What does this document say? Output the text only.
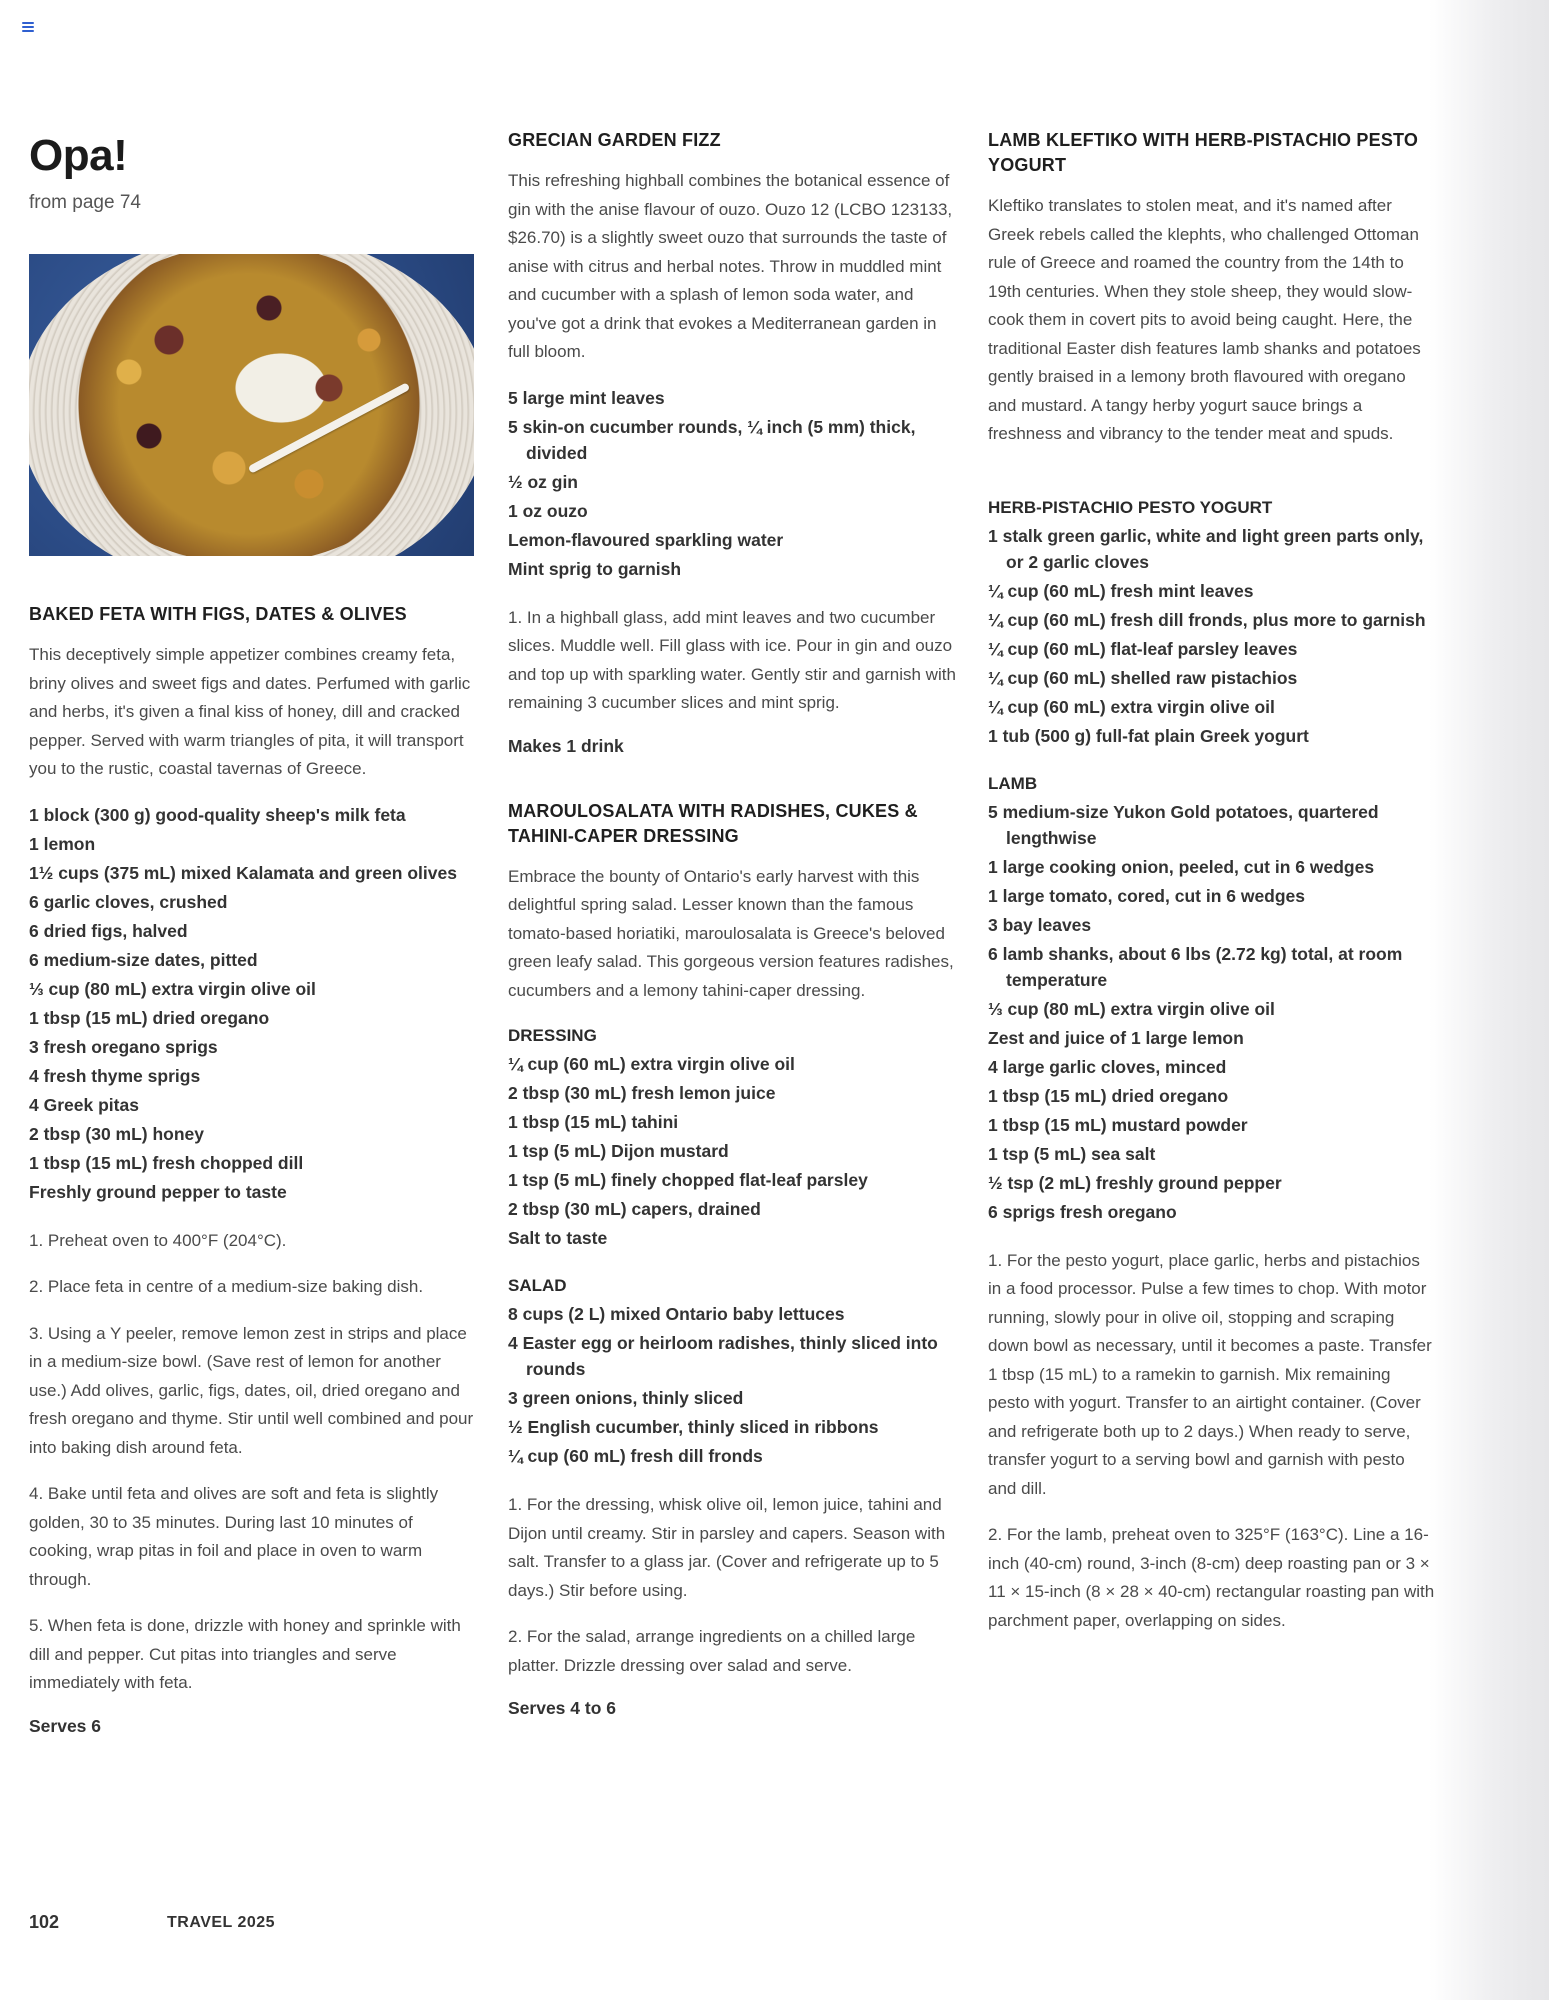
Opa!
from page 74
BAKED FETA WITH FIGS, DATES & OLIVES

This deceptively simple appetizer combines creamy feta, briny olives and sweet figs and dates. Perfumed with garlic and herbs, it's given a final kiss of honey, dill and cracked pepper. Served with warm triangles of pita, it will transport you to the rustic, coastal tavernas of Greece.

1 block (300 g) good-quality sheep's milk feta
1 lemon
1½ cups (375 mL) mixed Kalamata and green olives
6 garlic cloves, crushed
6 dried figs, halved
6 medium-size dates, pitted
⅓ cup (80 mL) extra virgin olive oil
1 tbsp (15 mL) dried oregano
3 fresh oregano sprigs
4 fresh thyme sprigs
4 Greek pitas
2 tbsp (30 mL) honey
1 tbsp (15 mL) fresh chopped dill
Freshly ground pepper to taste

1. Preheat oven to 400°F (204°C).

2. Place feta in centre of a medium-size baking dish.

3. Using a Y peeler, remove lemon zest in strips and place in a medium-size bowl. (Save rest of lemon for another use.) Add olives, garlic, figs, dates, oil, dried oregano and fresh oregano and thyme. Stir until well combined and pour into baking dish around feta.

4. Bake until feta and olives are soft and feta is slightly golden, 30 to 35 minutes. During last 10 minutes of cooking, wrap pitas in foil and place in oven to warm through.

5. When feta is done, drizzle with honey and sprinkle with dill and pepper. Cut pitas into triangles and serve immediately with feta.

Serves 6
GRECIAN GARDEN FIZZ

This refreshing highball combines the botanical essence of gin with the anise flavour of ouzo. Ouzo 12 (LCBO 123133, $26.70) is a slightly sweet ouzo that surrounds the taste of anise with citrus and herbal notes. Throw in muddled mint and cucumber with a splash of lemon soda water, and you've got a drink that evokes a Mediterranean garden in full bloom.

5 large mint leaves
5 skin-on cucumber rounds, ¼ inch (5 mm) thick, divided
½ oz gin
1 oz ouzo
Lemon-flavoured sparkling water
Mint sprig to garnish

1. In a highball glass, add mint leaves and two cucumber slices. Muddle well. Fill glass with ice. Pour in gin and ouzo and top up with sparkling water. Gently stir and garnish with remaining 3 cucumber slices and mint sprig.

Makes 1 drink
MAROULOSALATA WITH RADISHES, CUKES & TAHINI-CAPER DRESSING

Embrace the bounty of Ontario's early harvest with this delightful spring salad. Lesser known than the famous tomato-based horiatiki, maroulosalata is Greece's beloved green leafy salad. This gorgeous version features radishes, cucumbers and a lemony tahini-caper dressing.

DRESSING
¼ cup (60 mL) extra virgin olive oil
2 tbsp (30 mL) fresh lemon juice
1 tbsp (15 mL) tahini
1 tsp (5 mL) Dijon mustard
1 tsp (5 mL) finely chopped flat-leaf parsley
2 tbsp (30 mL) capers, drained
Salt to taste
SALAD
8 cups (2 L) mixed Ontario baby lettuces
4 Easter egg or heirloom radishes, thinly sliced into rounds
3 green onions, thinly sliced
½ English cucumber, thinly sliced in ribbons
¼ cup (60 mL) fresh dill fronds

1. For the dressing, whisk olive oil, lemon juice, tahini and Dijon until creamy. Stir in parsley and capers. Season with salt. Transfer to a glass jar. (Cover and refrigerate up to 5 days.) Stir before using.

2. For the salad, arrange ingredients on a chilled large platter. Drizzle dressing over salad and serve.

Serves 4 to 6
LAMB KLEFTIKO WITH HERB-PISTACHIO PESTO YOGURT

Kleftiko translates to stolen meat, and it's named after Greek rebels called the klephts, who challenged Ottoman rule of Greece and roamed the country from the 14th to 19th centuries. When they stole sheep, they would slow-cook them in covert pits to avoid being caught. Here, the traditional Easter dish features lamb shanks and potatoes gently braised in a lemony broth flavoured with oregano and mustard. A tangy herby yogurt sauce brings a freshness and vibrancy to the tender meat and spuds.

HERB-PISTACHIO PESTO YOGURT
1 stalk green garlic, white and light green parts only, or 2 garlic cloves
¼ cup (60 mL) fresh mint leaves
¼ cup (60 mL) fresh dill fronds, plus more to garnish
¼ cup (60 mL) flat-leaf parsley leaves
¼ cup (60 mL) shelled raw pistachios
¼ cup (60 mL) extra virgin olive oil
1 tub (500 g) full-fat plain Greek yogurt
LAMB
5 medium-size Yukon Gold potatoes, quartered lengthwise
1 large cooking onion, peeled, cut in 6 wedges
1 large tomato, cored, cut in 6 wedges
3 bay leaves
6 lamb shanks, about 6 lbs (2.72 kg) total, at room temperature
⅓ cup (80 mL) extra virgin olive oil
Zest and juice of 1 large lemon
4 large garlic cloves, minced
1 tbsp (15 mL) dried oregano
1 tbsp (15 mL) mustard powder
1 tsp (5 mL) sea salt
½ tsp (2 mL) freshly ground pepper
6 sprigs fresh oregano

1. For the pesto yogurt, place garlic, herbs and pistachios in a food processor. Pulse a few times to chop. With motor running, slowly pour in olive oil, stopping and scraping down bowl as necessary, until it becomes a paste. Transfer 1 tbsp (15 mL) to a ramekin to garnish. Mix remaining pesto with yogurt. Transfer to an airtight container. (Cover and refrigerate both up to 2 days.) When ready to serve, transfer yogurt to a serving bowl and garnish with pesto and dill.

2. For the lamb, preheat oven to 325°F (163°C). Line a 16-inch (40-cm) round, 3-inch (8-cm) deep roasting pan or 3 × 11 × 15-inch (8 × 28 × 40-cm) rectangular roasting pan with parchment paper, overlapping on sides.

102	TRAVEL 2025
